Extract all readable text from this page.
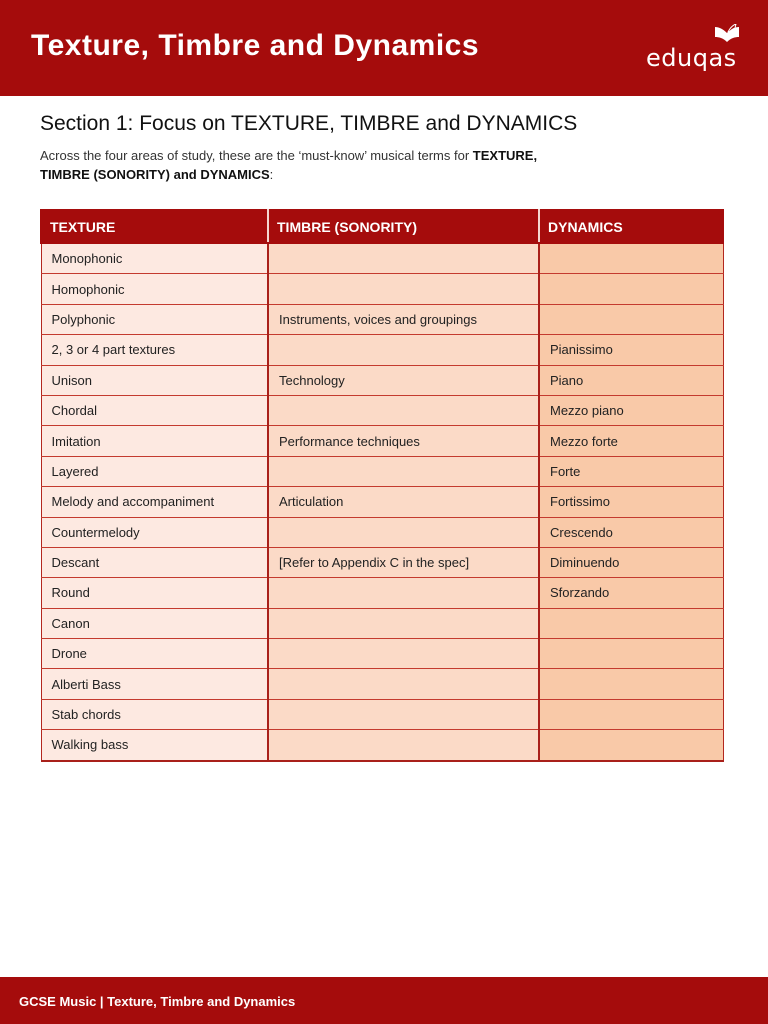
Texture, Timbre and Dynamics	eduqas
Section 1: Focus on TEXTURE, TIMBRE and DYNAMICS
Across the four areas of study, these are the ‘must-know’ musical terms for TEXTURE,
TIMBRE (SONORITY) and DYNAMICS:
TEXTURE	TIMBRE (SONORITY)	DYNAMICS
Monophonic		
Homophonic		
Polyphonic	Instruments, voices and groupings	
2, 3 or 4 part textures		Pianissimo
Unison	Technology	Piano
Chordal		Mezzo piano
Imitation	Performance techniques	Mezzo forte
Layered		Forte
Melody and accompaniment	Articulation	Fortissimo
Countermelody		Crescendo
Descant	[Refer to Appendix C in the spec]	Diminuendo
Round		Sforzando
Canon		
Drone		
Alberti Bass		
Stab chords		
Walking bass		
GCSE Music | Texture, Timbre and Dynamics
